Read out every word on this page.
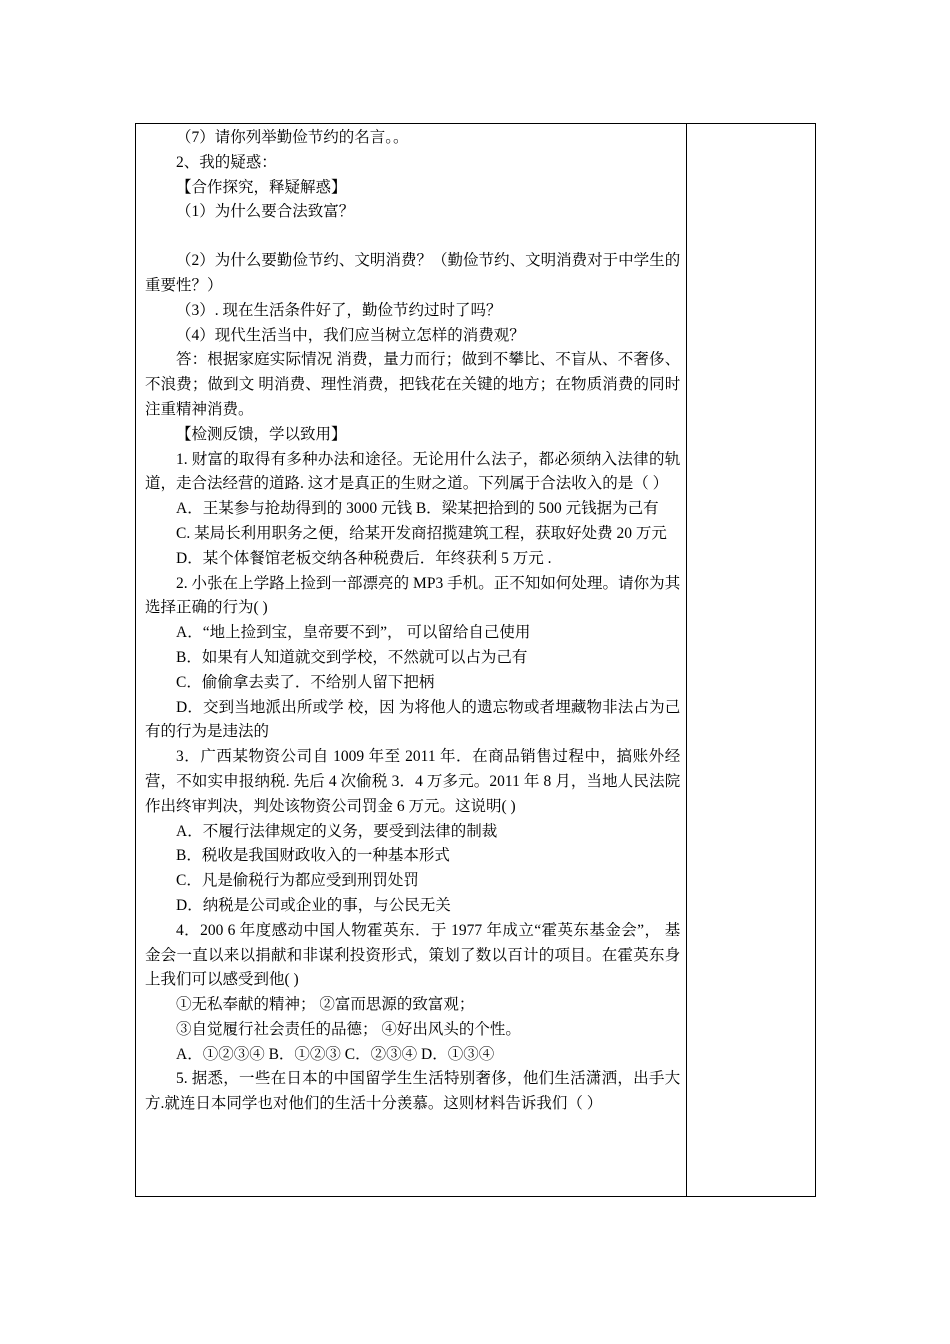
（7）请你列举勤俭节约的名言。。

2、我的疑惑：

【合作探究，释疑解惑】

（1）为什么要合法致富？

（2）为什么要勤俭节约、文明消费？（勤俭节约、文明消费对于中学生的重要性？）

（3）. 现在生活条件好了，勤俭节约过时了吗？

（4）现代生活当中，我们应当树立怎样的消费观？

答：根据家庭实际情况 消费，量力而行；做到不攀比、不盲从、不奢侈、不浪费；做到文 明消费、理性消费，把钱花在关键的地方；在物质消费的同时注重精神消费。

【检测反馈，学以致用】

1. 财富的取得有多种办法和途径。无论用什么法子，都必须纳入法律的轨道，走合法经营的道路. 这才是真正的生财之道。下列属于合法收入的是（ ）

A．王某参与抢劫得到的 3000 元钱 B．梁某把拾到的 500 元钱据为己有

C. 某局长利用职务之便，给某开发商招揽建筑工程，获取好处费 20 万元

D．某个体餐馆老板交纳各种税费后．年终获利 5 万元 .

2. 小张在上学路上捡到一部漂亮的 MP3 手机。正不知如何处理。请你为其选择正确的行为( )

A．“地上捡到宝，皇帝要不到”， 可以留给自己使用

B．如果有人知道就交到学校，不然就可以占为己有

C．偷偷拿去卖了．不给别人留下把柄

D．交到当地派出所或学 校，因 为将他人的遗忘物或者埋藏物非法占为己有的行为是违法的

3．广西某物资公司自 1009 年至 2011 年．在商品销售过程中，搞账外经营，不如实申报纳税. 先后 4 次偷税 3．4 万多元。2011 年 8 月，当地人民法院作出终审判决，判处该物资公司罚金 6 万元。这说明( )

A．不履行法律规定的义务，要受到法律的制裁

B．税收是我国财政收入的一种基本形式

C．凡是偷税行为都应受到刑罚处罚

D．纳税是公司或企业的事，与公民无关

4．200 6 年度感动中国人物霍英东．于 1977 年成立“霍英东基金会”， 基金会一直以来以捐献和非谋利投资形式，策划了数以百计的项目。在霍英东身上我们可以感受到他( )

①无私奉献的精神； ②富而思源的致富观；

③自觉履行社会责任的品德； ④好出风头的个性。

A．①②③④ B．①②③ C．②③④ D．①③④

5. 据悉，一些在日本的中国留学生生活特别奢侈，他们生活潇洒，出手大方.就连日本同学也对他们的生活十分羡慕。这则材料告诉我们（ ）
